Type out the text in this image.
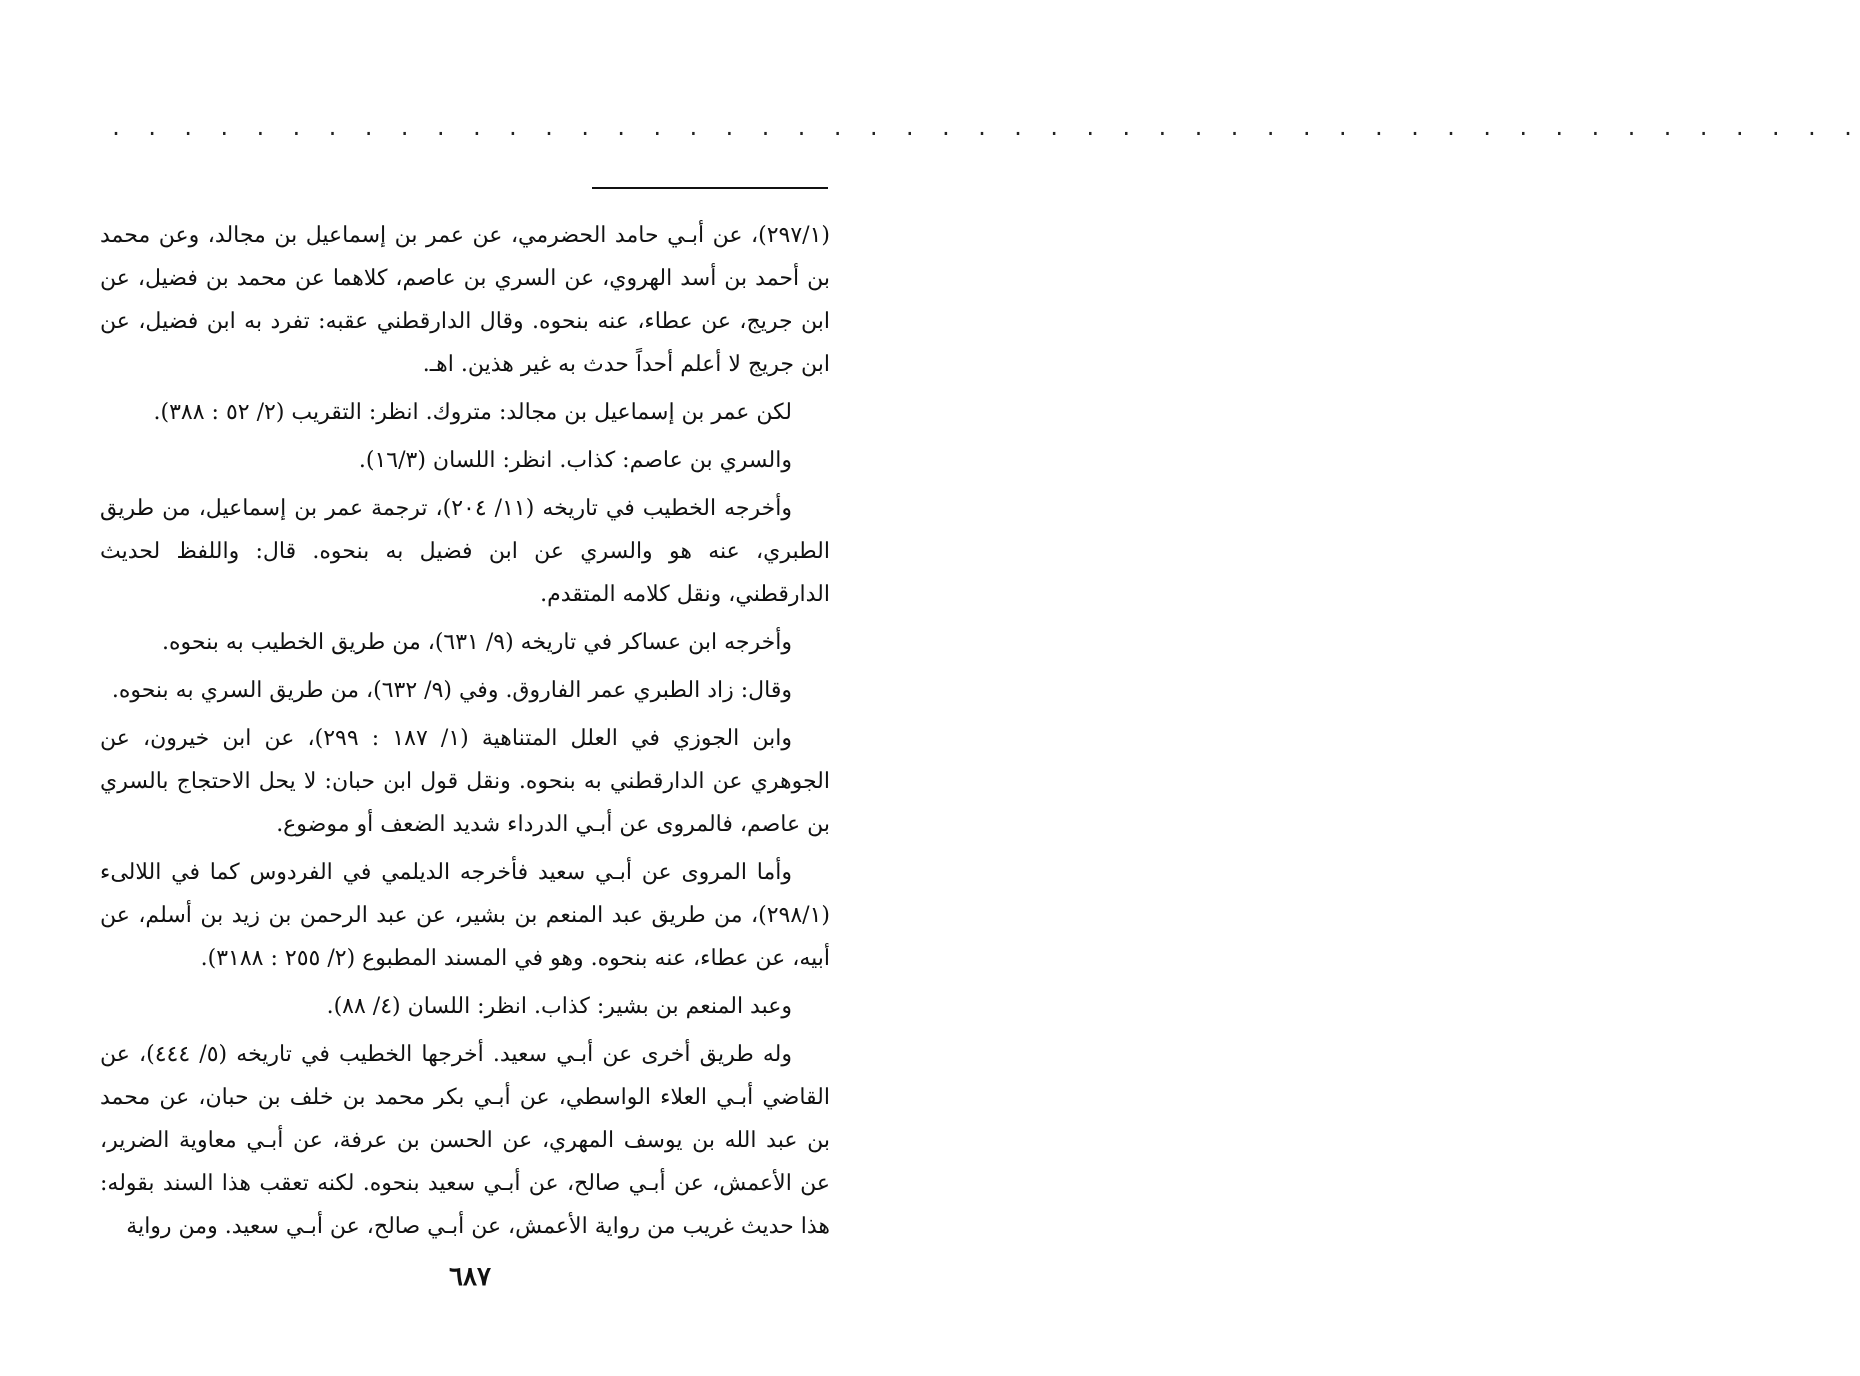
. . . . . . . . . . . . . . . . . . . . . . . . . . . . . . . . . . . . . . . . . . . . . . . . .

(٢٩٧/١)، عن أبـي حامد الحضرمي، عن عمر بن إسماعيل بن مجالد، وعن محمد بن أحمد بن أسد الهروي، عن السري بن عاصم، كلاهما عن محمد بن فضيل، عن ابن جريج، عن عطاء، عنه بنحوه. وقال الدارقطني عقبه: تفرد به ابن فضيل، عن ابن جريج لا أعلم أحداً حدث به غير هذين. اهـ.

لكن عمر بن إسماعيل بن مجالد: متروك. انظر: التقريب (٢/ ٥٢ : ٣٨٨).

والسري بن عاصم: كذاب. انظر: اللسان (١٦/٣).

وأخرجه الخطيب في تاريخه (١١/ ٢٠٤)، ترجمة عمر بن إسماعيل، من طريق الطبري، عنه هو والسري عن ابن فضيل به بنحوه. قال: واللفظ لحديث الدارقطني، ونقل كلامه المتقدم.

وأخرجه ابن عساكر في تاريخه (٩/ ٦٣١)، من طريق الخطيب به بنحوه.

وقال: زاد الطبري عمر الفاروق. وفي (٩/ ٦٣٢)، من طريق السري به بنحوه.

وابن الجوزي في العلل المتناهية (١/ ١٨٧ : ٢٩٩)، عن ابن خيرون، عن الجوهري عن الدارقطني به بنحوه. ونقل قول ابن حبان: لا يحل الاحتجاج بالسري بن عاصم، فالمروى عن أبـي الدرداء شديد الضعف أو موضوع.

وأما المروى عن أبـي سعيد فأخرجه الديلمي في الفردوس كما في اللالىء (٢٩٨/١)، من طريق عبد المنعم بن بشير، عن عبد الرحمن بن زيد بن أسلم، عن أبيه، عن عطاء، عنه بنحوه. وهو في المسند المطبوع (٢/ ٢٥٥ : ٣١٨٨).

وعبد المنعم بن بشير: كذاب. انظر: اللسان (٤/ ٨٨).

وله طريق أخرى عن أبـي سعيد. أخرجها الخطيب في تاريخه (٥/ ٤٤٤)، عن القاضي أبـي العلاء الواسطي، عن أبـي بكر محمد بن خلف بن حبان، عن محمد بن عبد الله بن يوسف المهري، عن الحسن بن عرفة، عن أبـي معاوية الضرير، عن الأعمش، عن أبـي صالح، عن أبـي سعيد بنحوه. لكنه تعقب هذا السند بقوله: هذا حديث غريب من رواية الأعمش، عن أبـي صالح، عن أبـي سعيد. ومن رواية

٦٨٧
